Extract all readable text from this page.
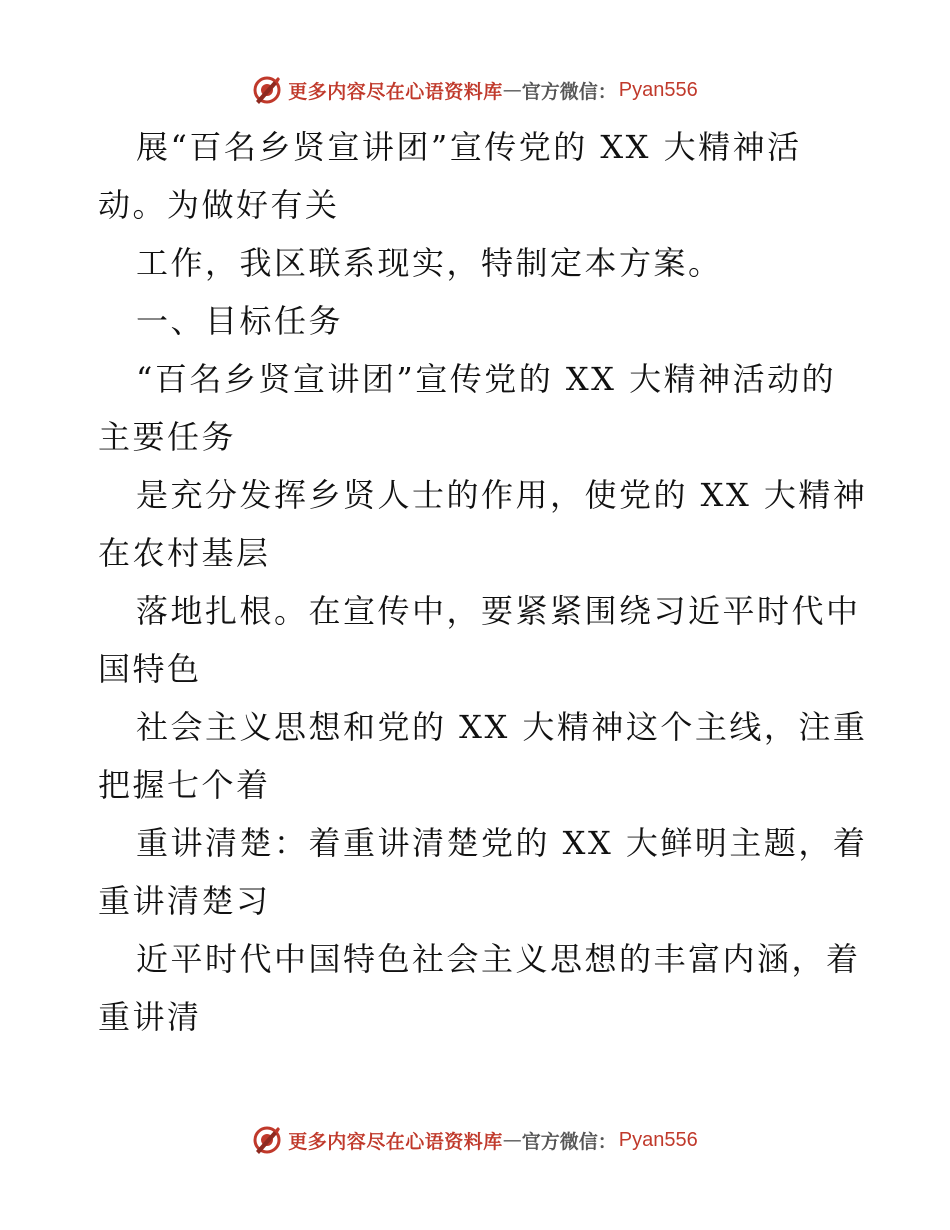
更多内容尽在心语资料库 — 官方微信： Pyan556
展“百名乡贤宣讲团”宣传党的 XX 大精神活
动。为做好有关
工作，我区联系现实，特制定本方案。
一、目标任务
“百名乡贤宣讲团”宣传党的 XX 大精神活动的
主要任务
是充分发挥乡贤人士的作用，使党的 XX 大精神
在农村基层
落地扎根。在宣传中，要紧紧围绕习近平时代中
国特色
社会主义思想和党的 XX 大精神这个主线，注重
把握七个着
重讲清楚：着重讲清楚党的 XX 大鲜明主题，着
重讲清楚习
近平时代中国特色社会主义思想的丰富内涵，着
重讲清
更多内容尽在心语资料库 — 官方微信： Pyan556
